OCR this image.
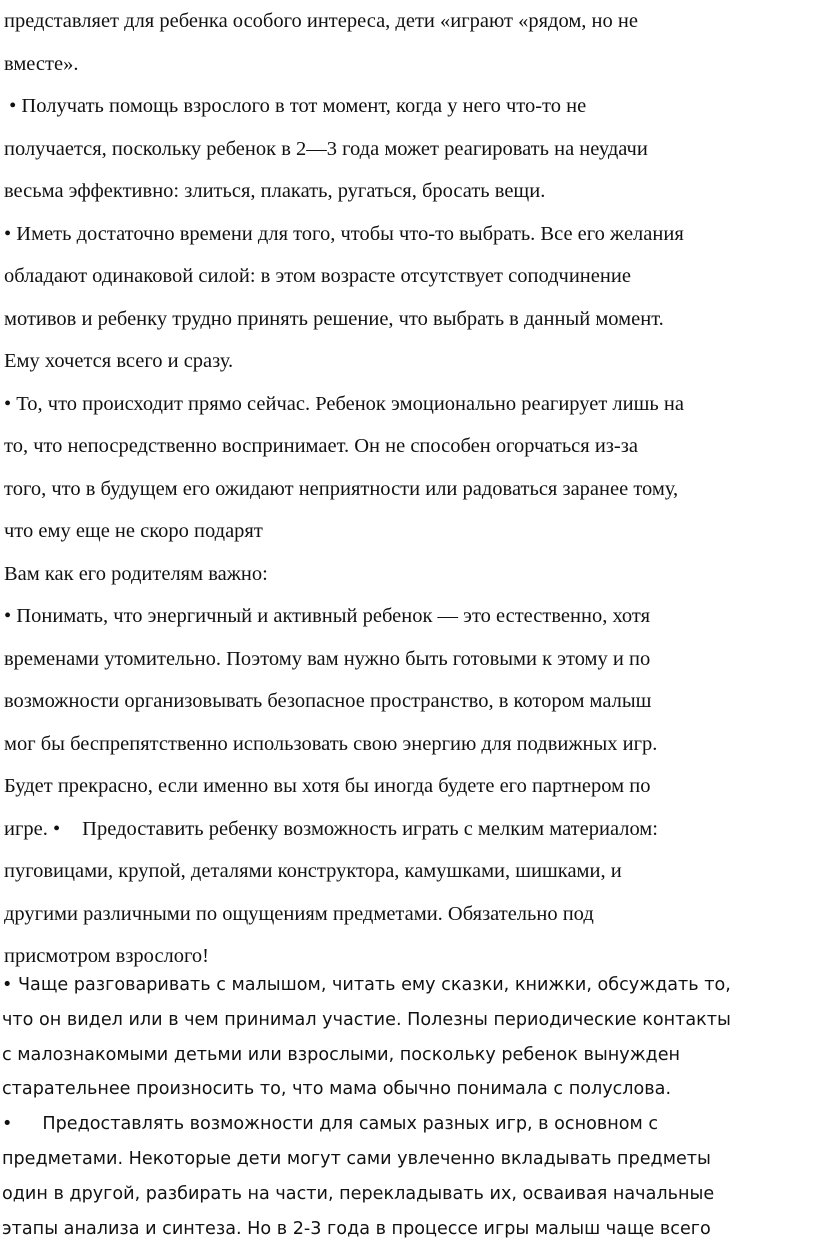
представляет для ребенка особого интереса, дети «играют «рядом, но не
вместе».
• Получать помощь взрослого в тот момент, когда у него что-то не
получается, поскольку ребенок в 2—3 года может реагировать на неудачи
весьма эффективно: злиться, плакать, ругаться, бросать вещи.
• Иметь достаточно времени для того, чтобы что-то выбрать. Все его желания
обладают одинаковой силой: в этом возрасте отсутствует соподчинение
мотивов и ребенку трудно принять решение, что выбрать в данный момент.
Ему хочется всего и сразу.
• То, что происходит прямо сейчас. Ребенок эмоционально реагирует лишь на
то, что непосредственно воспринимает. Он не способен огорчаться из-за
того, что в будущем его ожидают неприятности или радоваться заранее тому,
что ему еще не скоро подарят
Вам как его родителям важно:
• Понимать, что энергичный и активный ребенок — это естественно, хотя
временами утомительно. Поэтому вам нужно быть готовыми к этому и по
возможности организовывать безопасное пространство, в котором малыш
мог бы беспрепятственно использовать свою энергию для подвижных игр.
Будет прекрасно, если именно вы хотя бы иногда будете его партнером по
игре. • Предоставить ребенку возможность играть с мелким материалом:
пуговицами, крупой, деталями конструктора, камушками, шишками, и
другими различными по ощущениям предметами. Обязательно под
присмотром взрослого!
• Чаще разговаривать с малышом, читать ему сказки, книжки, обсуждать то,
что он видел или в чем принимал участие. Полезны периодические контакты
с малознакомыми детьми или взрослыми, поскольку ребенок вынужден
старательнее произносить то, что мама обычно понимала с полуслова.
• Предоставлять возможности для самых разных игр, в основном с
предметами. Некоторые дети могут сами увлеченно вкладывать предметы
один в другой, разбирать на части, перекладывать их, осваивая начальные
этапы анализа и синтеза. Но в 2-3 года в процессе игры малыш чаще всего
